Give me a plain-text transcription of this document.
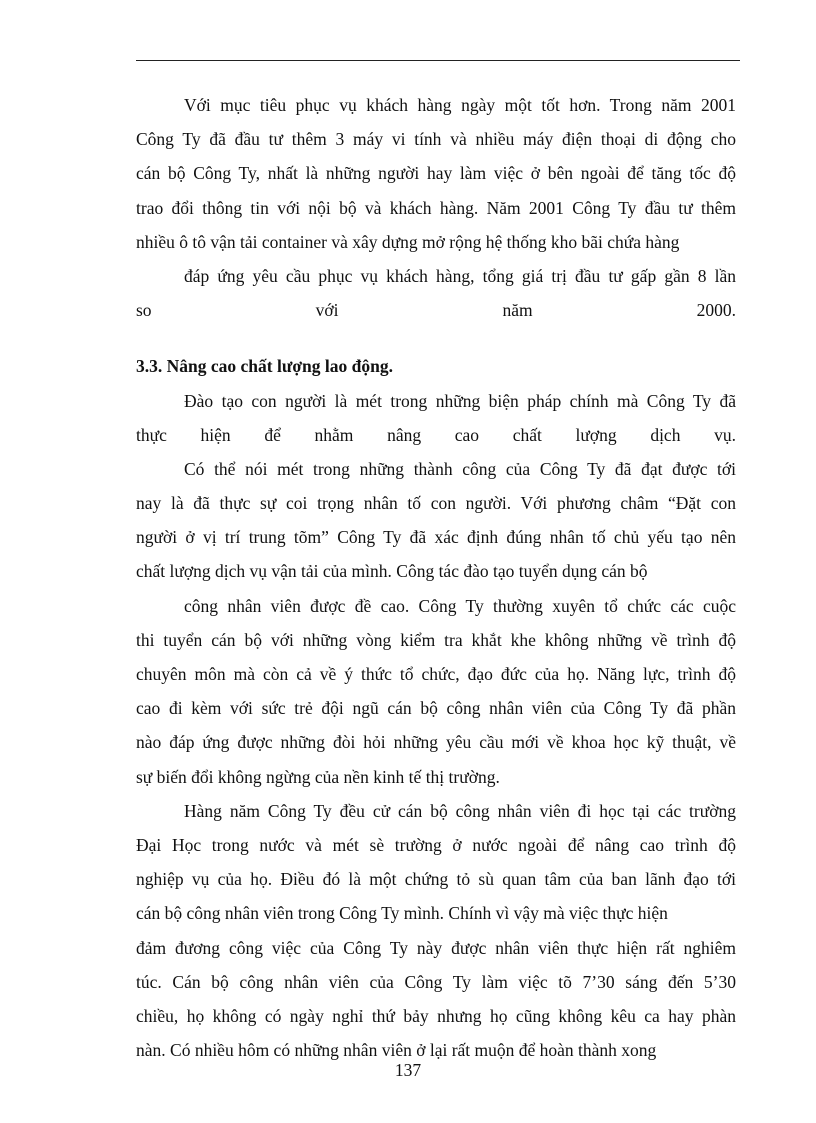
Với mục tiêu phục vụ khách hàng ngày một tốt hơn. Trong năm 2001
Công Ty đã đầu tư thêm 3 máy vi tính và nhiều máy điện thoại di động cho
cán bộ Công Ty, nhất là những người hay làm việc ở bên ngoài để tăng tốc độ
trao đổi thông tin với nội bộ và khách hàng. Năm 2001 Công Ty đầu tư thêm
nhiều ô tô vận tải container và xây dựng mở rộng hệ thống kho bãi chứa hàng
đáp ứng yêu cầu phục vụ khách hàng, tổng giá trị đầu tư gấp gần 8 lần
so với năm 2000.
3.3. Nâng cao chất lượng lao động.
Đào tạo con người là mét trong những biện pháp chính mà Công Ty đã
thực hiện để nhằm nâng cao chất lượng dịch vụ.
Có thể nói mét trong những thành công của Công Ty đã đạt được tới
nay là đã thực sự coi trọng nhân tố con người. Với phương châm “Đặt con
người ở vị trí trung tõm” Công Ty đã xác định đúng nhân tố chủ yếu tạo nên
chất lượng dịch vụ vận tải của mình. Công tác đào tạo tuyển dụng cán bộ
công nhân viên được đề cao. Công Ty thường xuyên tổ chức các cuộc
thi tuyển cán bộ với những vòng kiểm tra khắt khe không những về trình độ
chuyên môn mà còn cả về ý thức tổ chức, đạo đức của họ. Năng lực, trình độ
cao đi kèm với sức trẻ đội ngũ cán bộ công nhân viên của Công Ty đã phần
nào đáp ứng được những đòi hỏi những yêu cầu mới về khoa học kỹ thuật, về
sự biến đổi không ngừng của nền kinh tế thị trường.
Hàng năm Công Ty đều cử cán bộ công nhân viên đi học tại các trường
Đại Học trong nước và mét sè trường ở nước ngoài để nâng cao trình độ
nghiệp vụ của họ. Điều đó là một chứng tỏ sù quan tâm của ban lãnh đạo tới
cán bộ công nhân viên trong Công Ty mình. Chính vì vậy mà việc thực hiện
đảm đương công việc của Công Ty này được nhân viên thực hiện rất nghiêm
túc. Cán bộ công nhân viên của Công Ty làm việc tõ 7’30 sáng đến 5’30
chiều, họ không có ngày nghỉ thứ bảy nhưng họ cũng không kêu ca hay phàn
nàn. Có nhiều hôm có những nhân viên ở lại rất muộn để hoàn thành xong
137
